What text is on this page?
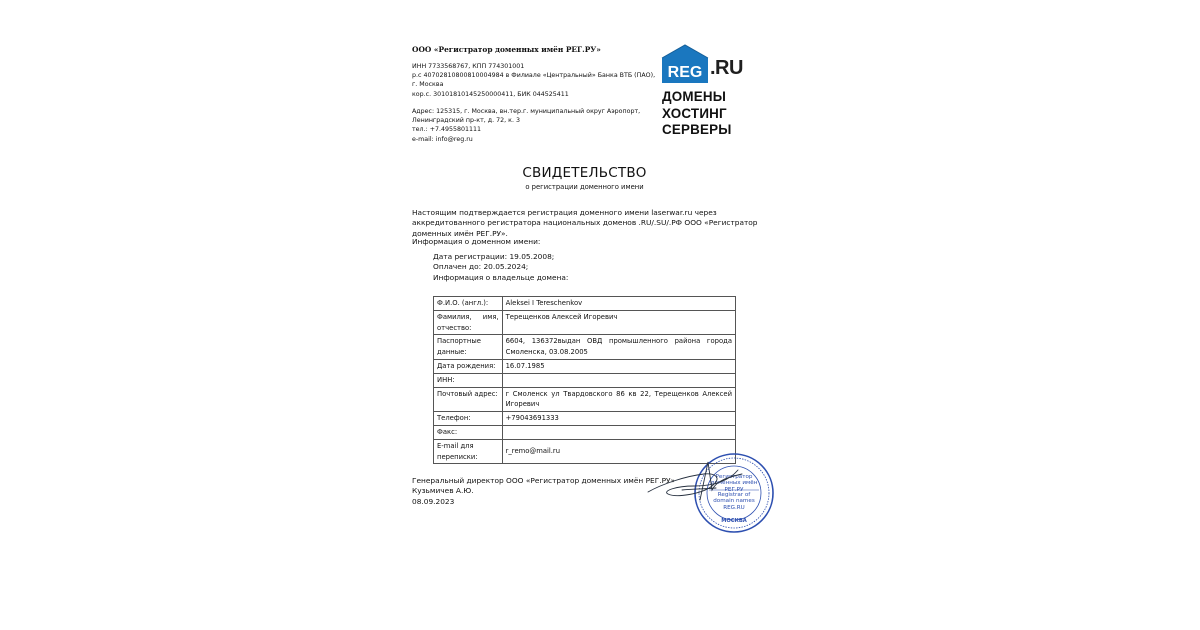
ООО «Регистратор доменных имён РЕГ.РУ»
ИНН 7733568767, КПП 774301001
р.с 40702810800810004984 в Филиале «Центральный» Банка ВТБ (ПАО),
г. Москва
кор.с. 30101810145250000411, БИК 044525411
Адрес: 125315, г. Москва, вн.тер.г. муниципальный округ Аэропорт,
Ленинградский пр-кт, д. 72, к. 3
тел.: +7.4955801111
e-mail: info@reg.ru
REG .RU
ДОМЕНЫ
ХОСТИНГ
СЕРВЕРЫ
СВИДЕТЕЛЬСТВО
о регистрации доменного имени
Настоящим подтверждается регистрация доменного имени laserwar.ru через аккредитованного регистратора национальных доменов .RU/.SU/.РФ ООО «Регистратор доменных имён РЕГ.РУ».
Информация о доменном имени:
Дата регистрации: 19.05.2008;
Оплачен до: 20.05.2024;
Информация о владельце домена:
Ф.И.О. (англ.):	Aleksei I Tereschenkov
Фамилия, имя, отчество:	Терещенков Алексей Игоревич
Паспортные данные:	6604, 136372выдан ОВД промышленного района города Смоленска, 03.08.2005
Дата рождения:	16.07.1985
ИНН:	
Почтовый адрес:	г Смоленск ул Твардовского 86 кв 22, Терещенков Алексей Игоревич
Телефон:	+79043691333
Факс:	
E-mail для переписки:	r_remo@mail.ru
Генеральный директор ООО «Регистратор доменных имён РЕГ.РУ»
Кузьмичев А.Ю.
08.09.2023
Регистратор
доменных имён
РЕГ.РУ
Registrar of
domain names
REG.RU
МОСКВА
